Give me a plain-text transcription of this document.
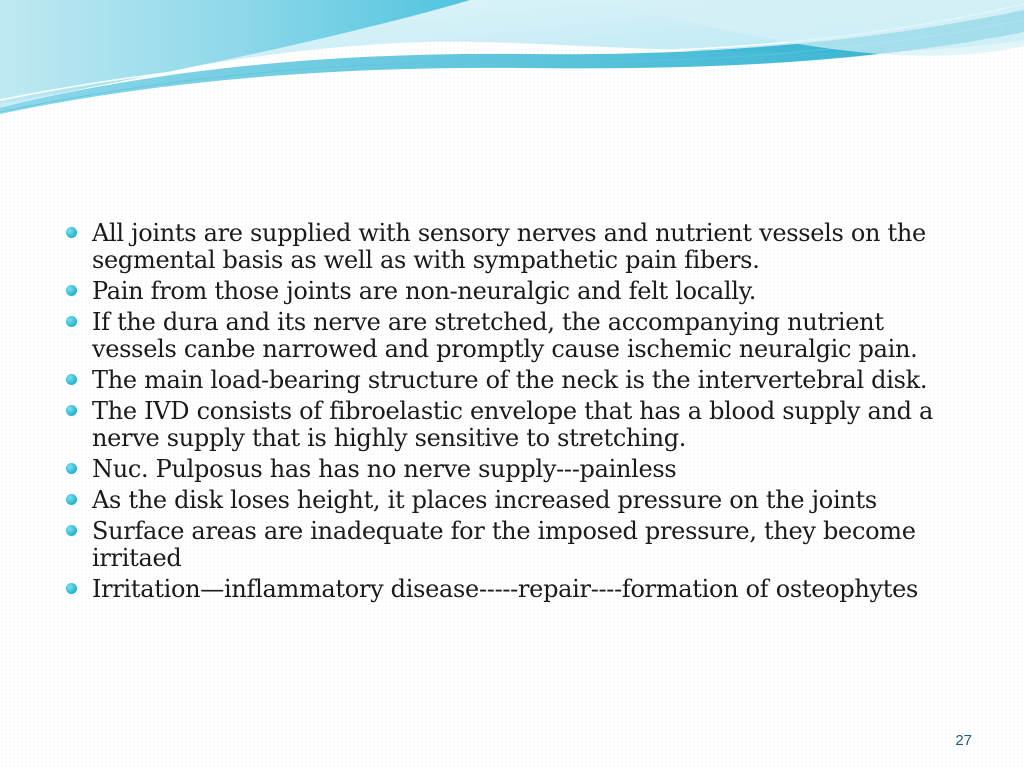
All joints are supplied with sensory nerves and nutrient vessels on the segmental basis as well as with sympathetic pain fibers.
Pain from those joints are non-neuralgic and felt locally.
If the dura and its nerve are stretched, the accompanying nutrient vessels canbe narrowed and promptly cause ischemic neuralgic pain.
The main load-bearing structure of the neck is the intervertebral disk.
The IVD consists of fibroelastic envelope that has a blood supply and a nerve supply that is highly sensitive to stretching.
Nuc. Pulposus has has no nerve supply---painless
As the disk loses height, it places increased pressure on the joints
Surface areas are inadequate for the imposed pressure, they become irritaed
Irritation—inflammatory disease-----repair----formation of osteophytes
27
